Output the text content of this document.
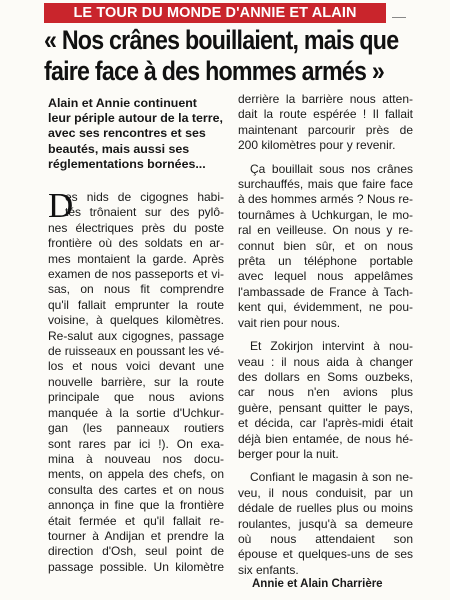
LE TOUR DU MONDE D'ANNIE ET ALAIN
« Nos crânes bouillaient, mais que
faire face à des hommes armés »
Alain et Annie continuent
leur périple autour de la terre,
avec ses rencontres et ses
beautés, mais aussi ses
réglementations bornées...
D
es nids de cigognes habi-
tés trônaient sur des pylô-
nes électriques près du poste
frontière où des soldats en ar-
mes montaient la garde. Après
examen de nos passeports et vi-
sas, on nous fit comprendre
qu'il fallait emprunter la route
voisine, à quelques kilomètres.
Re-salut aux cigognes, passage
de ruisseaux en poussant les vé-
los et nous voici devant une
nouvelle barrière, sur la route
principale que nous avions
manquée à la sortie d'Uchkur-
gan (les panneaux routiers
sont rares par ici !). On exa-
mina à nouveau nos docu-
ments, on appela des chefs, on
consulta des cartes et on nous
annonça in fine que la frontière
était fermée et qu'il fallait re-
tourner à Andijan et prendre la
direction d'Osh, seul point de
passage possible. Un kilomètre
derrière la barrière nous atten-
dait la route espérée ! Il fallait
maintenant parcourir près de
200 kilomètres pour y revenir.
Ça bouillait sous nos crânes
surchauffés, mais que faire face
à des hommes armés ? Nous re-
tournâmes à Uchkurgan, le mo-
ral en veilleuse. On nous y re-
connut bien sûr, et on nous
prêta un téléphone portable
avec lequel nous appelâmes
l'ambassade de France à Tach-
kent qui, évidemment, ne pou-
vait rien pour nous.
Et Zokirjon intervint à nou-
veau : il nous aida à changer
des dollars en Soms ouzbeks,
car nous n'en avions plus
guère, pensant quitter le pays,
et décida, car l'après-midi était
déjà bien entamée, de nous hé-
berger pour la nuit.
Confiant le magasin à son ne-
veu, il nous conduisit, par un
dédale de ruelles plus ou moins
roulantes, jusqu'à sa demeure
où nous attendaient son
épouse et quelques-uns de ses
six enfants.
Annie et Alain Charrière
